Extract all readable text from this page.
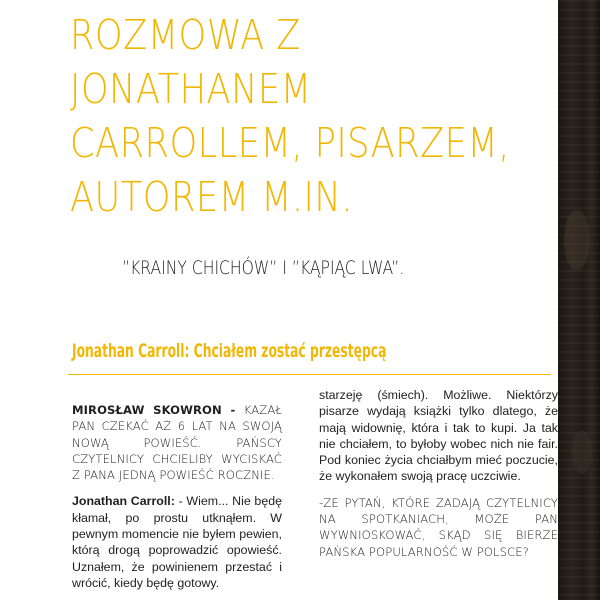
ROZMOWA Z
JONATHANEM
CARROLLEM, PISARZEM,
AUTOREM M.IN.
”KRAINY CHICHÓW” I ”KĄPIĄC LWA”.
Jonathan Carroll: Chciałem zostać przestępcą

MIROSŁAW SKOWRON - KAZAŁ PAN CZEKAĆ AŻ 6 LAT NA SWOJĄ NOWĄ POWIEŚĆ. PAŃSCY CZYTELNICY CHCIELIBY WYCISKAĆ Z PANA JEDNĄ POWIEŚĆ ROCZNIE.

Jonathan Carroll: - Wiem... Nie będę kłamał, po prostu utknąłem. W pewnym momencie nie byłem pewien, którą drogą poprowadzić opowieść. Uznałem, że powinienem przestać i wrócić, kiedy będę gotowy.

starzeję (śmiech). Możliwe. Niektórzy pisarze wydają książki tylko dlatego, że mają widownię, która i tak to kupi. Ja tak nie chciałem, to byłoby wobec nich nie fair. Pod koniec życia chciałbym mieć poczucie, że wykonałem swoją pracę uczciwie.

-ZE PYTAŃ, KTÓRE ZADAJĄ CZYTELNICY NA SPOTKANIACH, MOŻE PAN WYWNIOSKOWAĆ, SKĄD SIĘ BIERZE PAŃSKA POPULARNOŚĆ W POLSCE?
